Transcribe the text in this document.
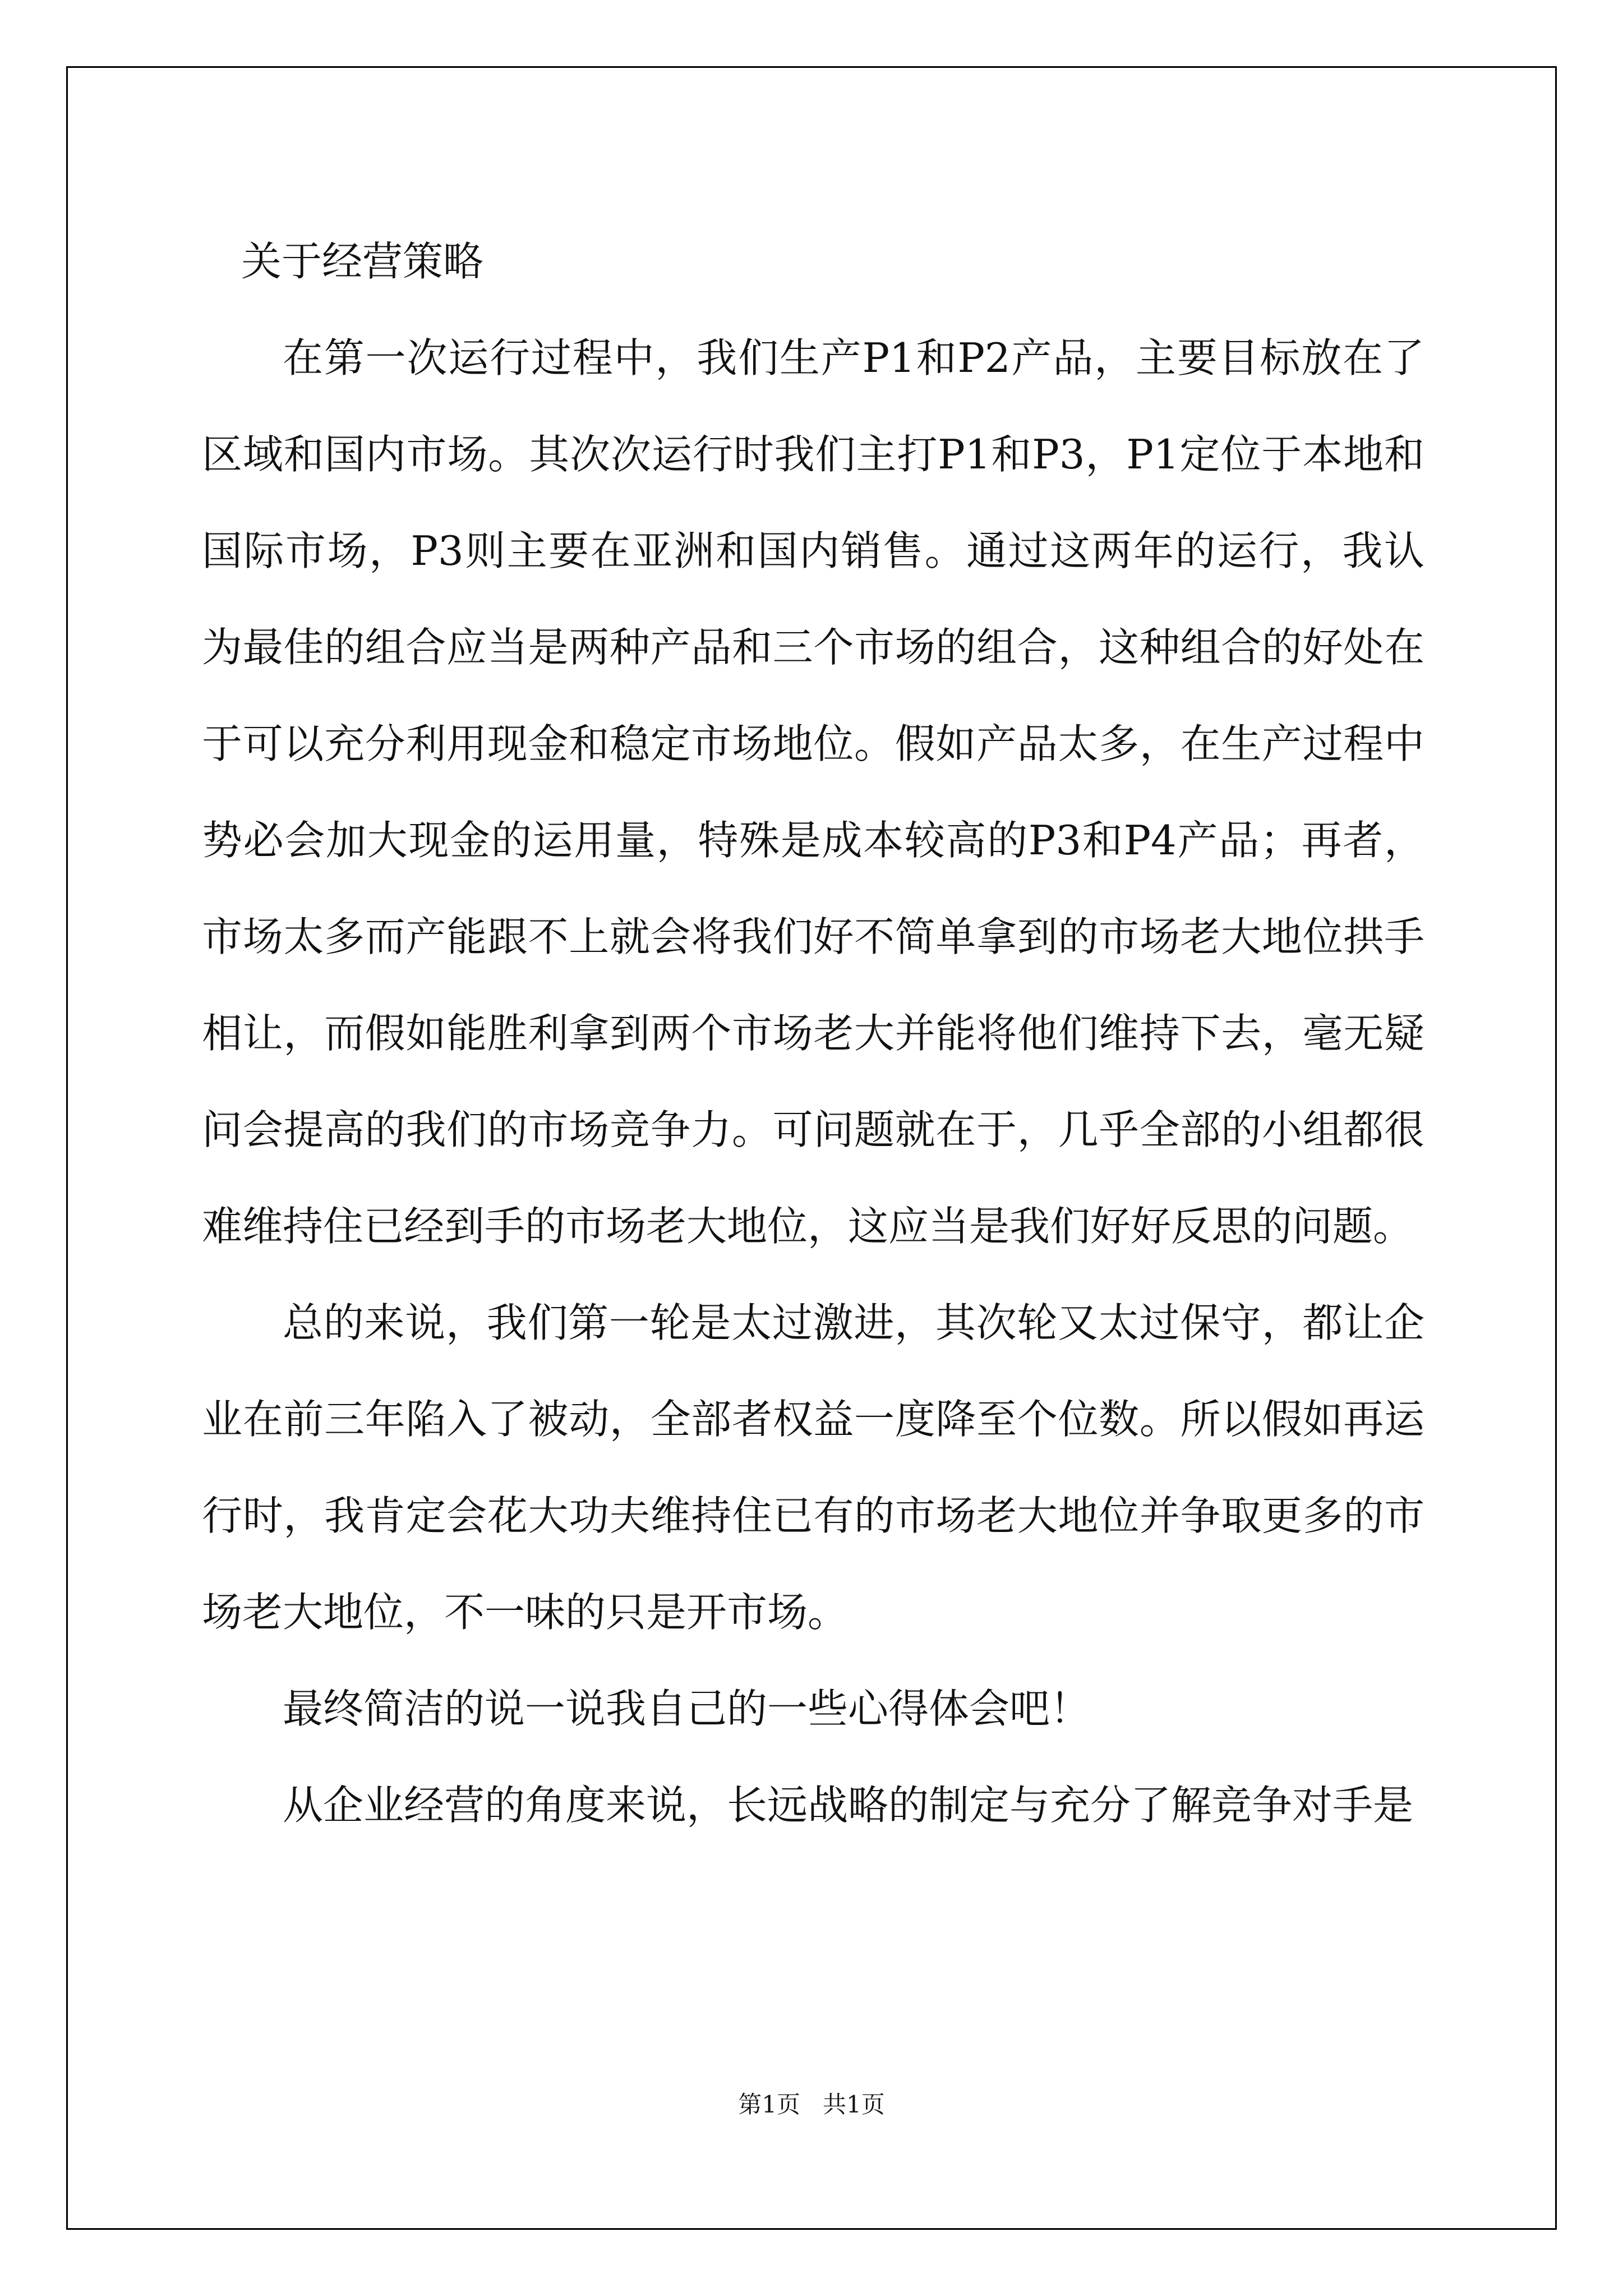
关于经营策略

在第一次运行过程中，我们生产P1和P2产品，主要目标放在了区域和国内市场。其次次运行时我们主打P1和P3，P1定位于本地和国际市场，P3则主要在亚洲和国内销售。通过这两年的运行，我认为最佳的组合应当是两种产品和三个市场的组合，这种组合的好处在于可以充分利用现金和稳定市场地位。假如产品太多，在生产过程中势必会加大现金的运用量，特殊是成本较高的P3和P4产品；再者，市场太多而产能跟不上就会将我们好不简单拿到的市场老大地位拱手相让，而假如能胜利拿到两个市场老大并能将他们维持下去，毫无疑问会提高的我们的市场竞争力。可问题就在于，几乎全部的小组都很难维持住已经到手的市场老大地位，这应当是我们好好反思的问题。

总的来说，我们第一轮是太过激进，其次轮又太过保守，都让企业在前三年陷入了被动，全部者权益一度降至个位数。所以假如再运行时，我肯定会花大功夫维持住已有的市场老大地位并争取更多的市场老大地位，不一味的只是开市场。

最终简洁的说一说我自己的一些心得体会吧！

从企业经营的角度来说，长远战略的制定与充分了解竞争对手是

第1页 共1页
